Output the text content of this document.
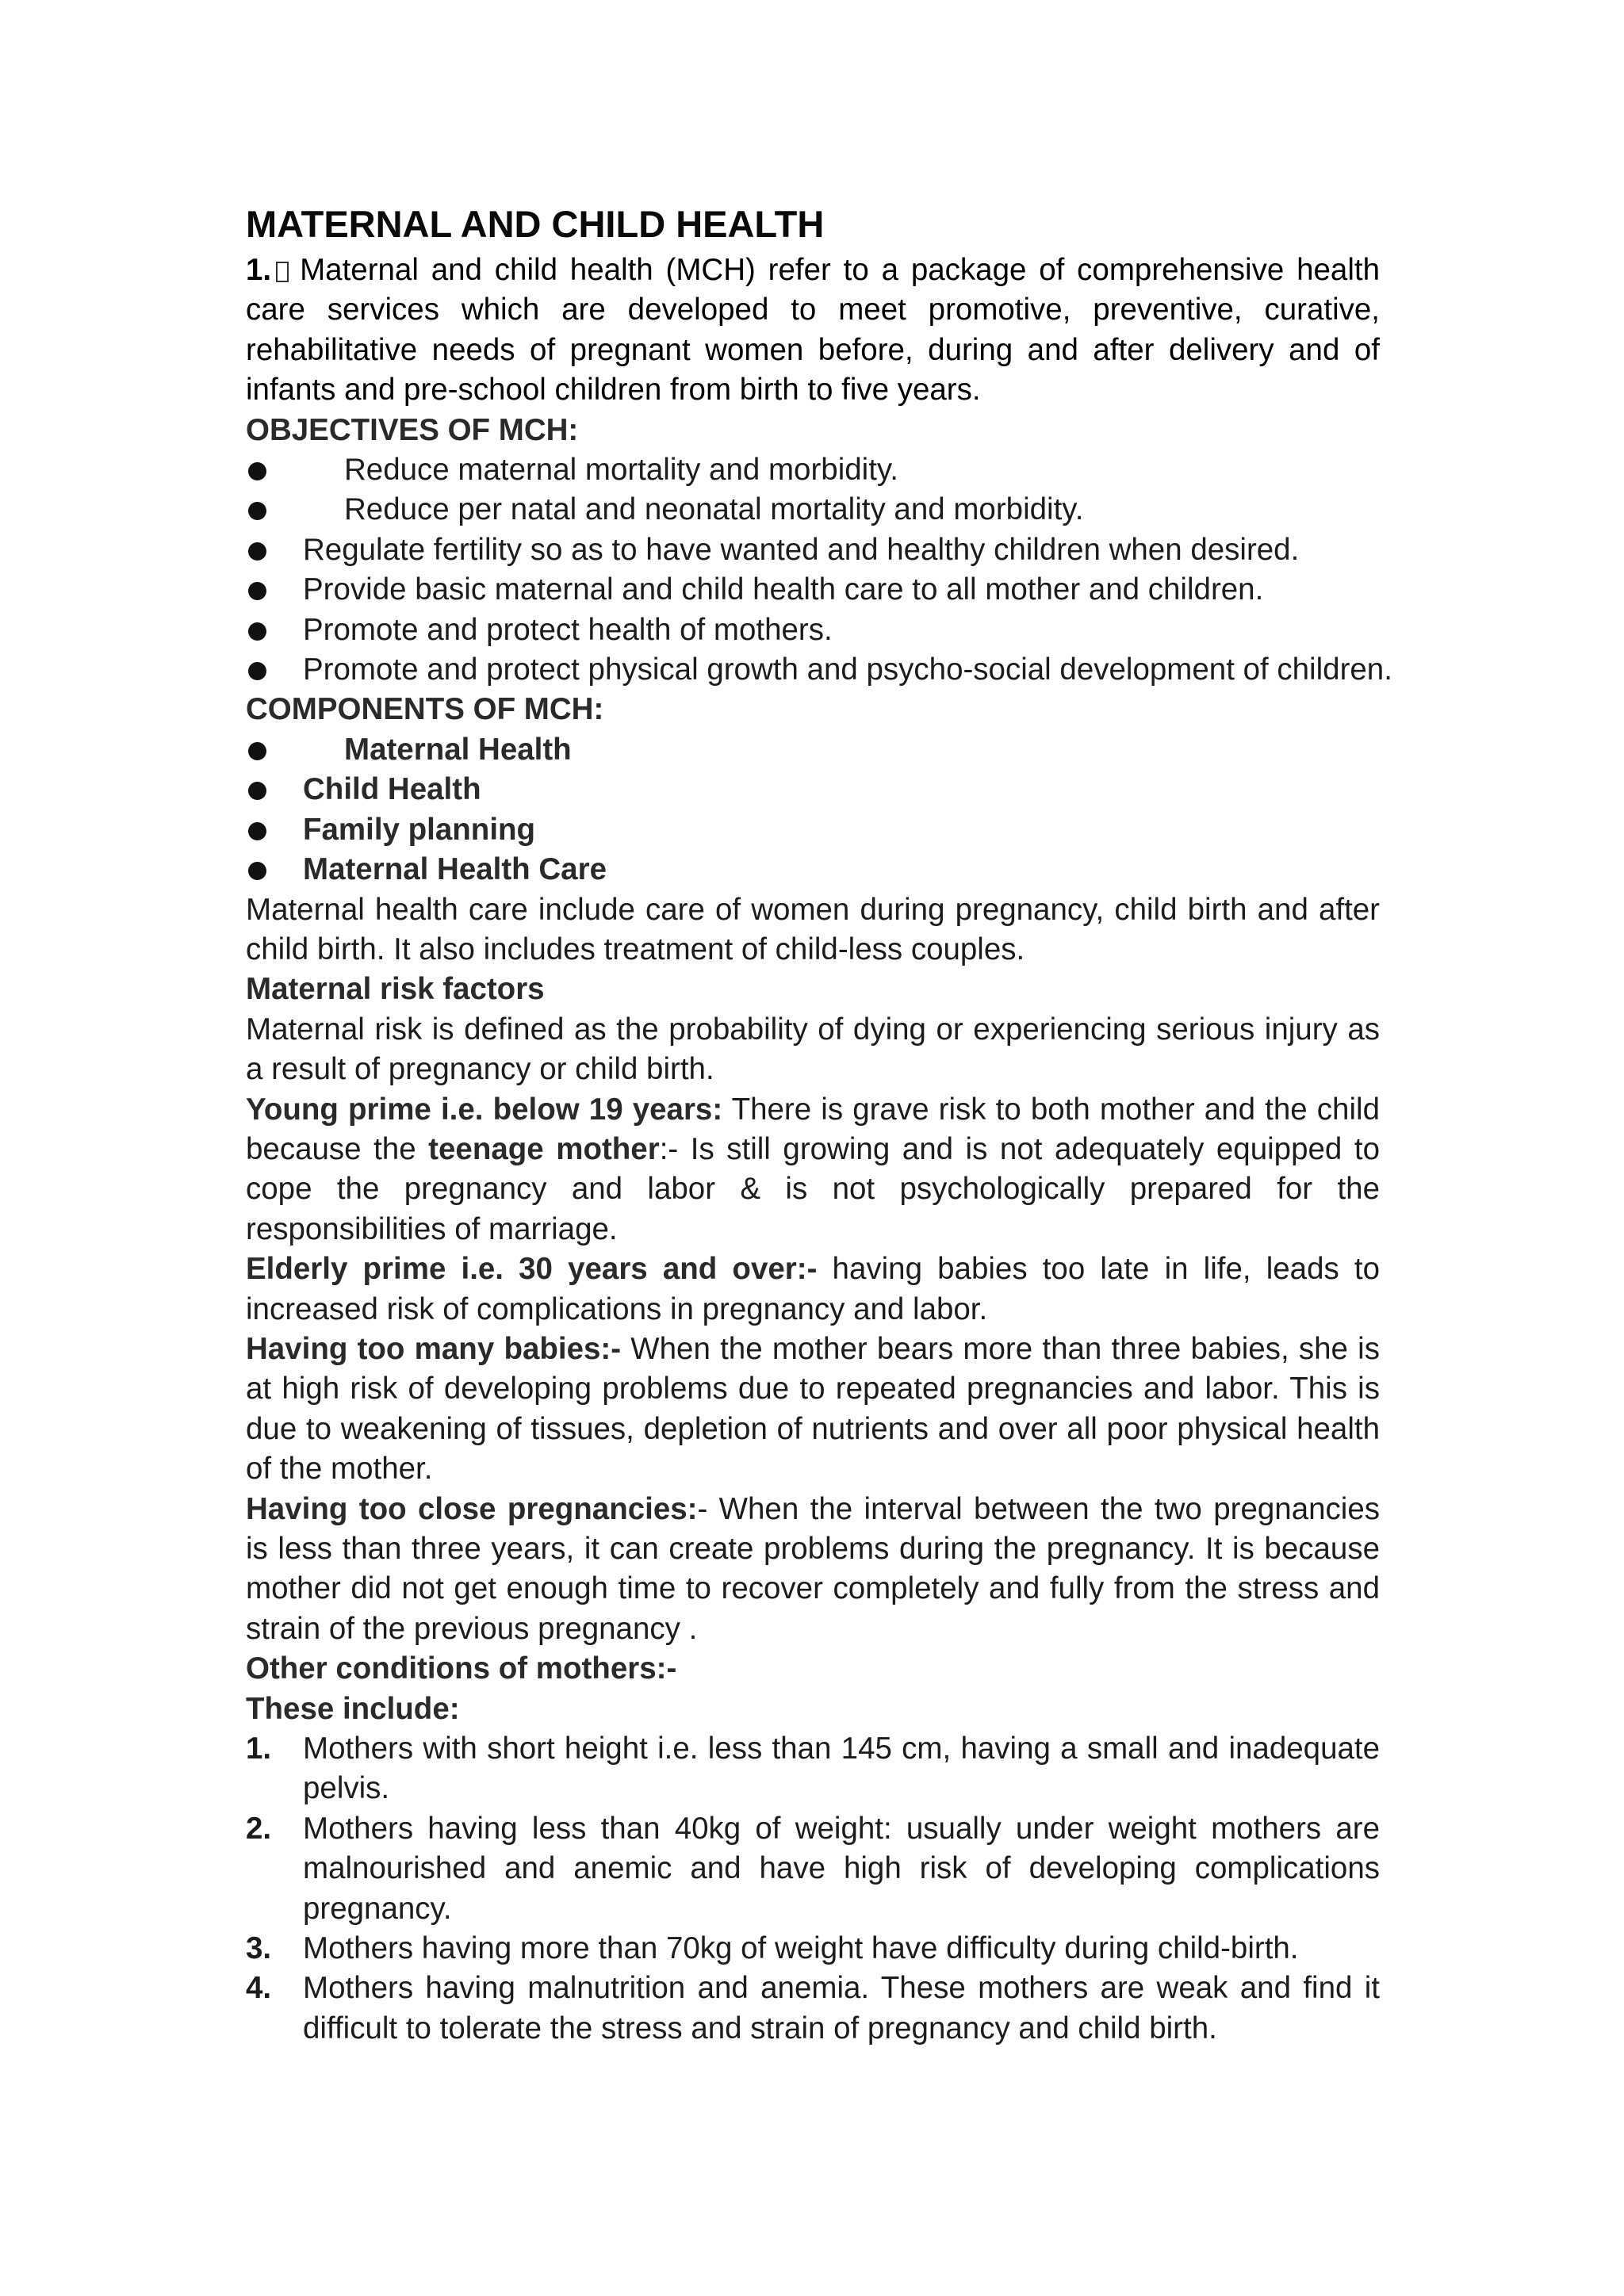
MATERNAL AND CHILD HEALTH
1. Maternal and child health (MCH) refer to a package of comprehensive health care services which are developed to meet promotive, preventive, curative, rehabilitative needs of pregnant women before, during and after delivery and of infants and pre-school children from birth to five years.
OBJECTIVES OF MCH:
Reduce maternal mortality and morbidity.
Reduce per natal and neonatal mortality and morbidity.
Regulate fertility so as to have wanted and healthy children when desired.
Provide basic maternal and child health care to all mother and children.
Promote and protect health of mothers.
Promote and protect physical growth and psycho-social development of children.
COMPONENTS OF MCH:
Maternal Health
Child Health
Family planning
Maternal Health Care
Maternal health care include care of women during pregnancy, child birth and after child birth. It also includes treatment of child-less couples.
Maternal risk factors
Maternal risk is defined as the probability of dying or experiencing serious injury as a result of pregnancy or child birth.
Young prime i.e. below 19 years: There is grave risk to both mother and the child because the teenage mother:- Is still growing and is not adequately equipped to cope the pregnancy and labor & is not psychologically prepared for the responsibilities of marriage.
Elderly prime i.e. 30 years and over:- having babies too late in life, leads to increased risk of complications in pregnancy and labor.
Having too many babies:- When the mother bears more than three babies, she is at high risk of developing problems due to repeated pregnancies and labor. This is due to weakening of tissues, depletion of nutrients and over all poor physical health of the mother.
Having too close pregnancies:- When the interval between the two pregnancies is less than three years, it can create problems during the pregnancy. It is because mother did not get enough time to recover completely and fully from the stress and strain of the previous pregnancy .
Other conditions of mothers:-
These include:
1. Mothers with short height i.e. less than 145 cm, having a small and inadequate pelvis.
2. Mothers having less than 40kg of weight: usually under weight mothers are malnourished and anemic and have high risk of developing complications pregnancy.
3. Mothers having more than 70kg of weight have difficulty during child-birth.
4. Mothers having malnutrition and anemia. These mothers are weak and find it difficult to tolerate the stress and strain of pregnancy and child birth.
